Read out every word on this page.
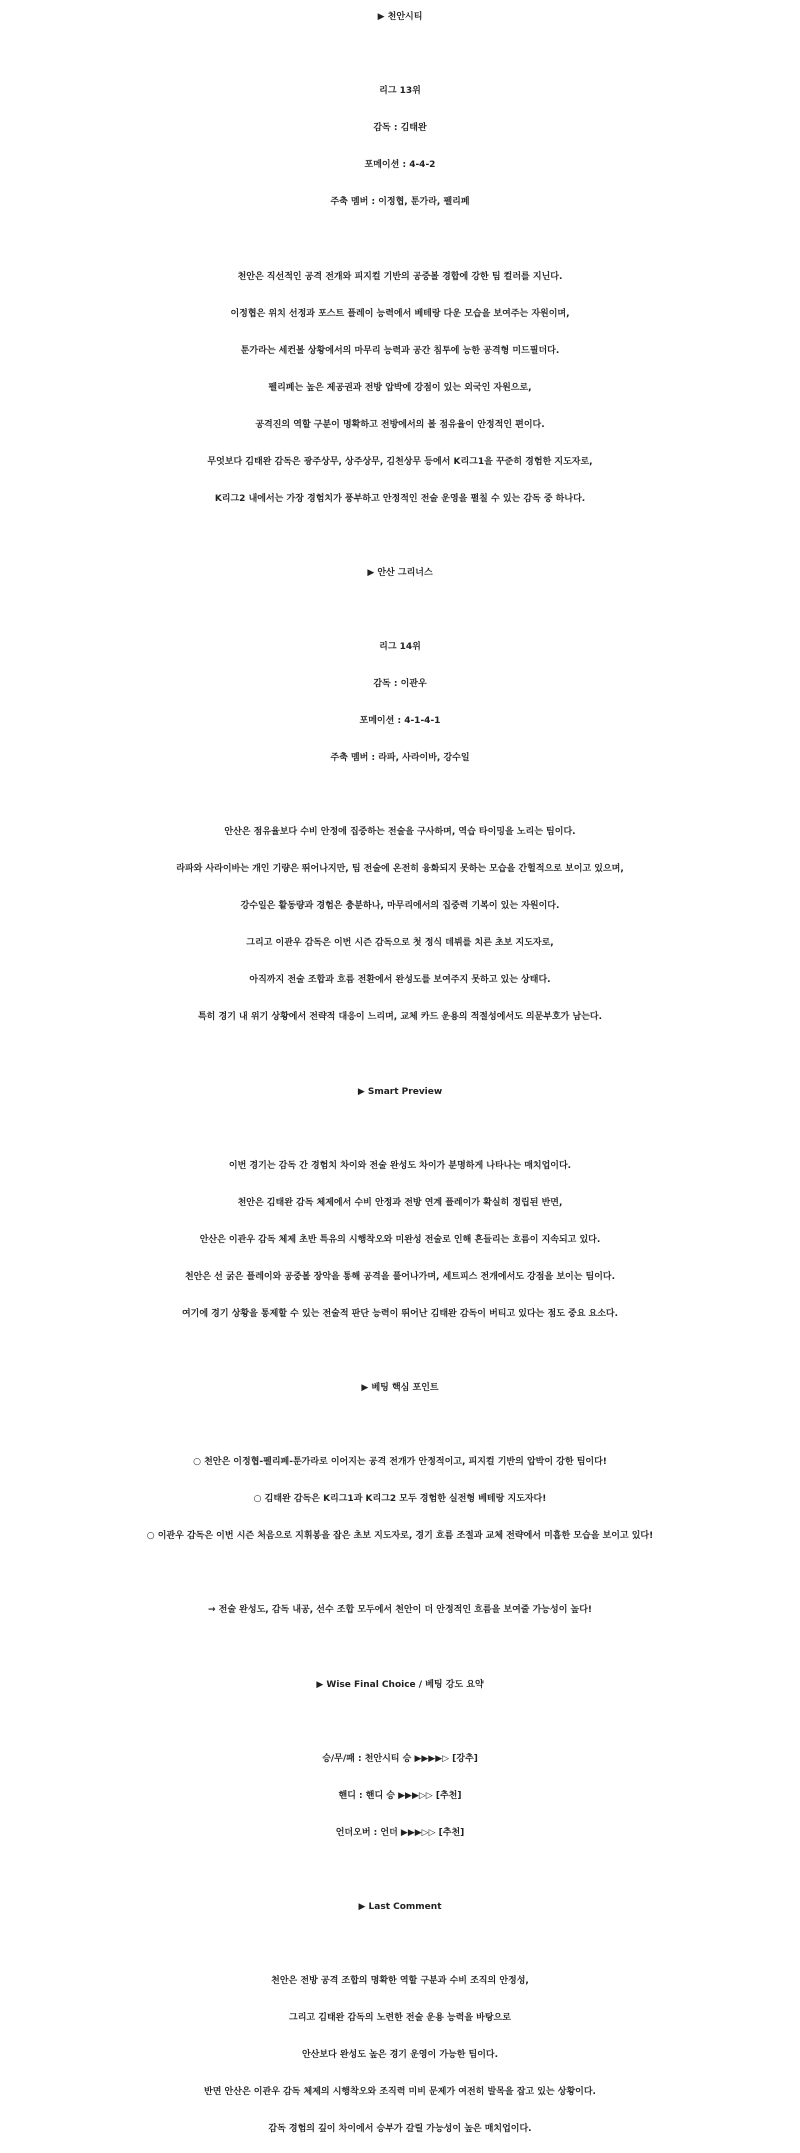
▶ 천안시티
리그 13위
감독 : 김태완
포메이션 : 4-4-2
주축 멤버 : 이정협, 툰가라, 펠리페
천안은 직선적인 공격 전개와 피지컬 기반의 공중볼 경합에 강한 팀 컬러를 지닌다.
이정협은 위치 선정과 포스트 플레이 능력에서 베테랑 다운 모습을 보여주는 자원이며,
툰가라는 세컨볼 상황에서의 마무리 능력과 공간 침투에 능한 공격형 미드필더다.
펠리페는 높은 제공권과 전방 압박에 강점이 있는 외국인 자원으로,
공격진의 역할 구분이 명확하고 전방에서의 볼 점유율이 안정적인 편이다.
무엇보다 김태완 감독은 광주상무, 상주상무, 김천상무 등에서 K리그1을 꾸준히 경험한 지도자로,
K리그2 내에서는 가장 경험치가 풍부하고 안정적인 전술 운영을 펼칠 수 있는 감독 중 하나다.
▶ 안산 그리너스
리그 14위
감독 : 이관우
포메이션 : 4-1-4-1
주축 멤버 : 라파, 사라이바, 강수일
안산은 점유율보다 수비 안정에 집중하는 전술을 구사하며, 역습 타이밍을 노리는 팀이다.
라파와 사라이바는 개인 기량은 뛰어나지만, 팀 전술에 온전히 융화되지 못하는 모습을 간헐적으로 보이고 있으며,
강수일은 활동량과 경험은 충분하나, 마무리에서의 집중력 기복이 있는 자원이다.
그리고 이관우 감독은 이번 시즌 감독으로 첫 정식 데뷔를 치른 초보 지도자로,
아직까지 전술 조합과 흐름 전환에서 완성도를 보여주지 못하고 있는 상태다.
특히 경기 내 위기 상황에서 전략적 대응이 느리며, 교체 카드 운용의 적절성에서도 의문부호가 남는다.
▶ Smart Preview
이번 경기는 감독 간 경험치 차이와 전술 완성도 차이가 분명하게 나타나는 매치업이다.
천안은 김태완 감독 체제에서 수비 안정과 전방 연계 플레이가 확실히 정립된 반면,
안산은 이관우 감독 체제 초반 특유의 시행착오와 미완성 전술로 인해 흔들리는 흐름이 지속되고 있다.
천안은 선 굵은 플레이와 공중볼 장악을 통해 공격을 풀어나가며, 세트피스 전개에서도 강점을 보이는 팀이다.
여기에 경기 상황을 통제할 수 있는 전술적 판단 능력이 뛰어난 김태완 감독이 버티고 있다는 점도 중요 요소다.
▶ 베팅 핵심 포인트
○ 천안은 이정협-펠리페-툰가라로 이어지는 공격 전개가 안정적이고, 피지컬 기반의 압박이 강한 팀이다!
○ 김태완 감독은 K리그1과 K리그2 모두 경험한 실전형 베테랑 지도자다!
○ 이관우 감독은 이번 시즌 처음으로 지휘봉을 잡은 초보 지도자로, 경기 흐름 조절과 교체 전략에서 미흡한 모습을 보이고 있다!
→ 전술 완성도, 감독 내공, 선수 조합 모두에서 천안이 더 안정적인 흐름을 보여줄 가능성이 높다!
▶ Wise Final Choice / 베팅 강도 요약
승/무/패 : 천안시티 승 ▶▶▶▶▷ [강추]
핸디 : 핸디 승 ▶▶▶▷▷ [추천]
언더오버 : 언더 ▶▶▶▷▷ [추천]
▶ Last Comment
천안은 전방 공격 조합의 명확한 역할 구분과 수비 조직의 안정성,
그리고 김태완 감독의 노련한 전술 운용 능력을 바탕으로
안산보다 완성도 높은 경기 운영이 가능한 팀이다.
반면 안산은 이관우 감독 체제의 시행착오와 조직력 미비 문제가 여전히 발목을 잡고 있는 상황이다.
감독 경험의 깊이 차이에서 승부가 갈릴 가능성이 높은 매치업이다.
